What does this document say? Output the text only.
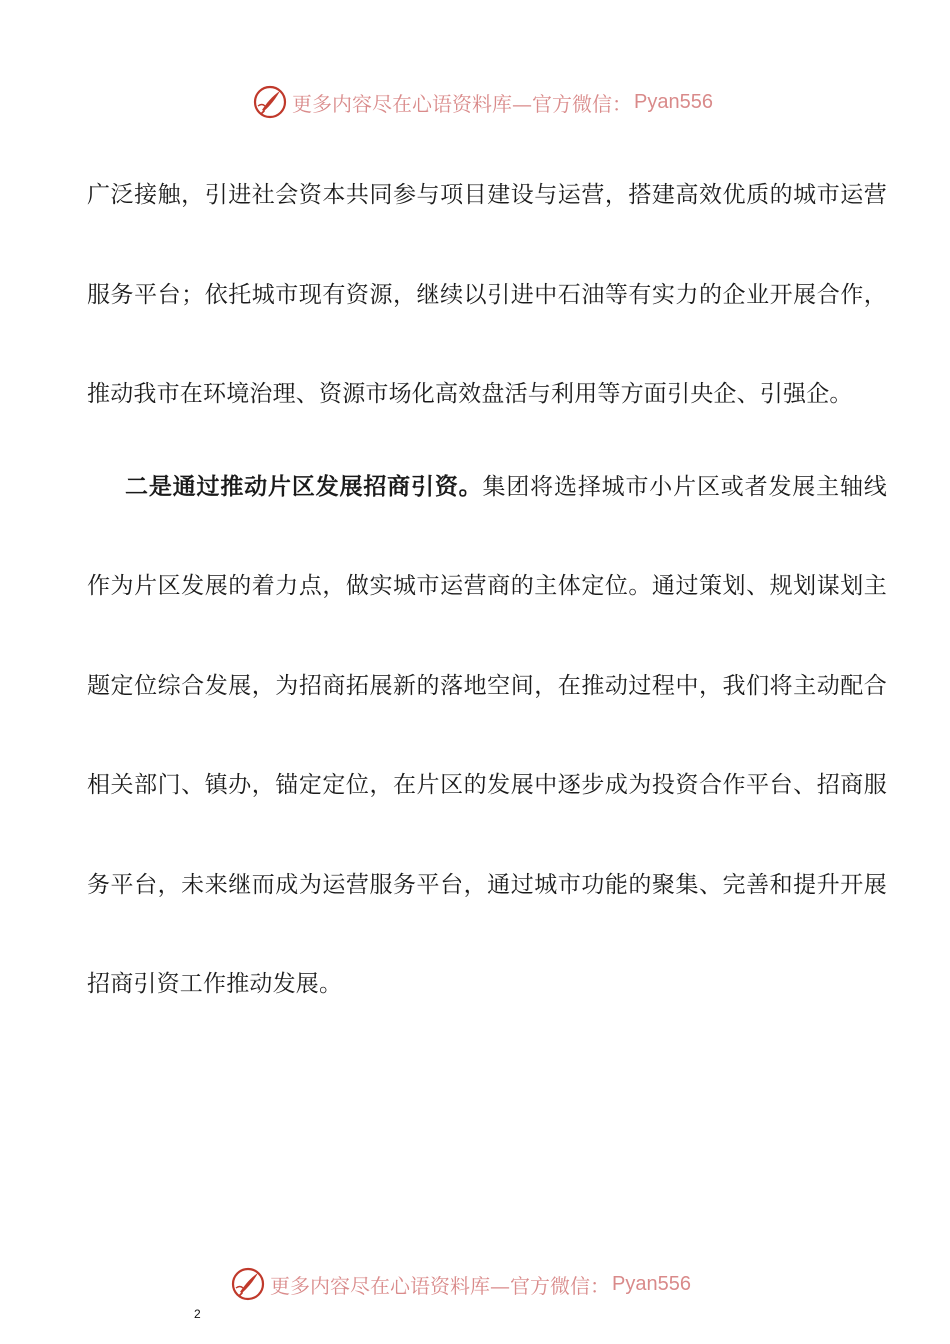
更多内容尽在心语资料库—官方微信： Pyan556

广泛接触，引进社会资本共同参与项目建设与运营，搭建高效优质的城市运营服务平台；依托城市现有资源，继续以引进中石油等有实力的企业开展合作，推动我市在环境治理、资源市场化高效盘活与利用等方面引央企、引强企。

二是通过推动片区发展招商引资。集团将选择城市小片区或者发展主轴线作为片区发展的着力点，做实城市运营商的主体定位。通过策划、规划谋划主题定位综合发展，为招商拓展新的落地空间，在推动过程中，我们将主动配合相关部门、镇办，锚定定位，在片区的发展中逐步成为投资合作平台、招商服务平台，未来继而成为运营服务平台，通过城市功能的聚集、完善和提升开展招商引资工作推动发展。

更多内容尽在心语资料库—官方微信： Pyan556
2
